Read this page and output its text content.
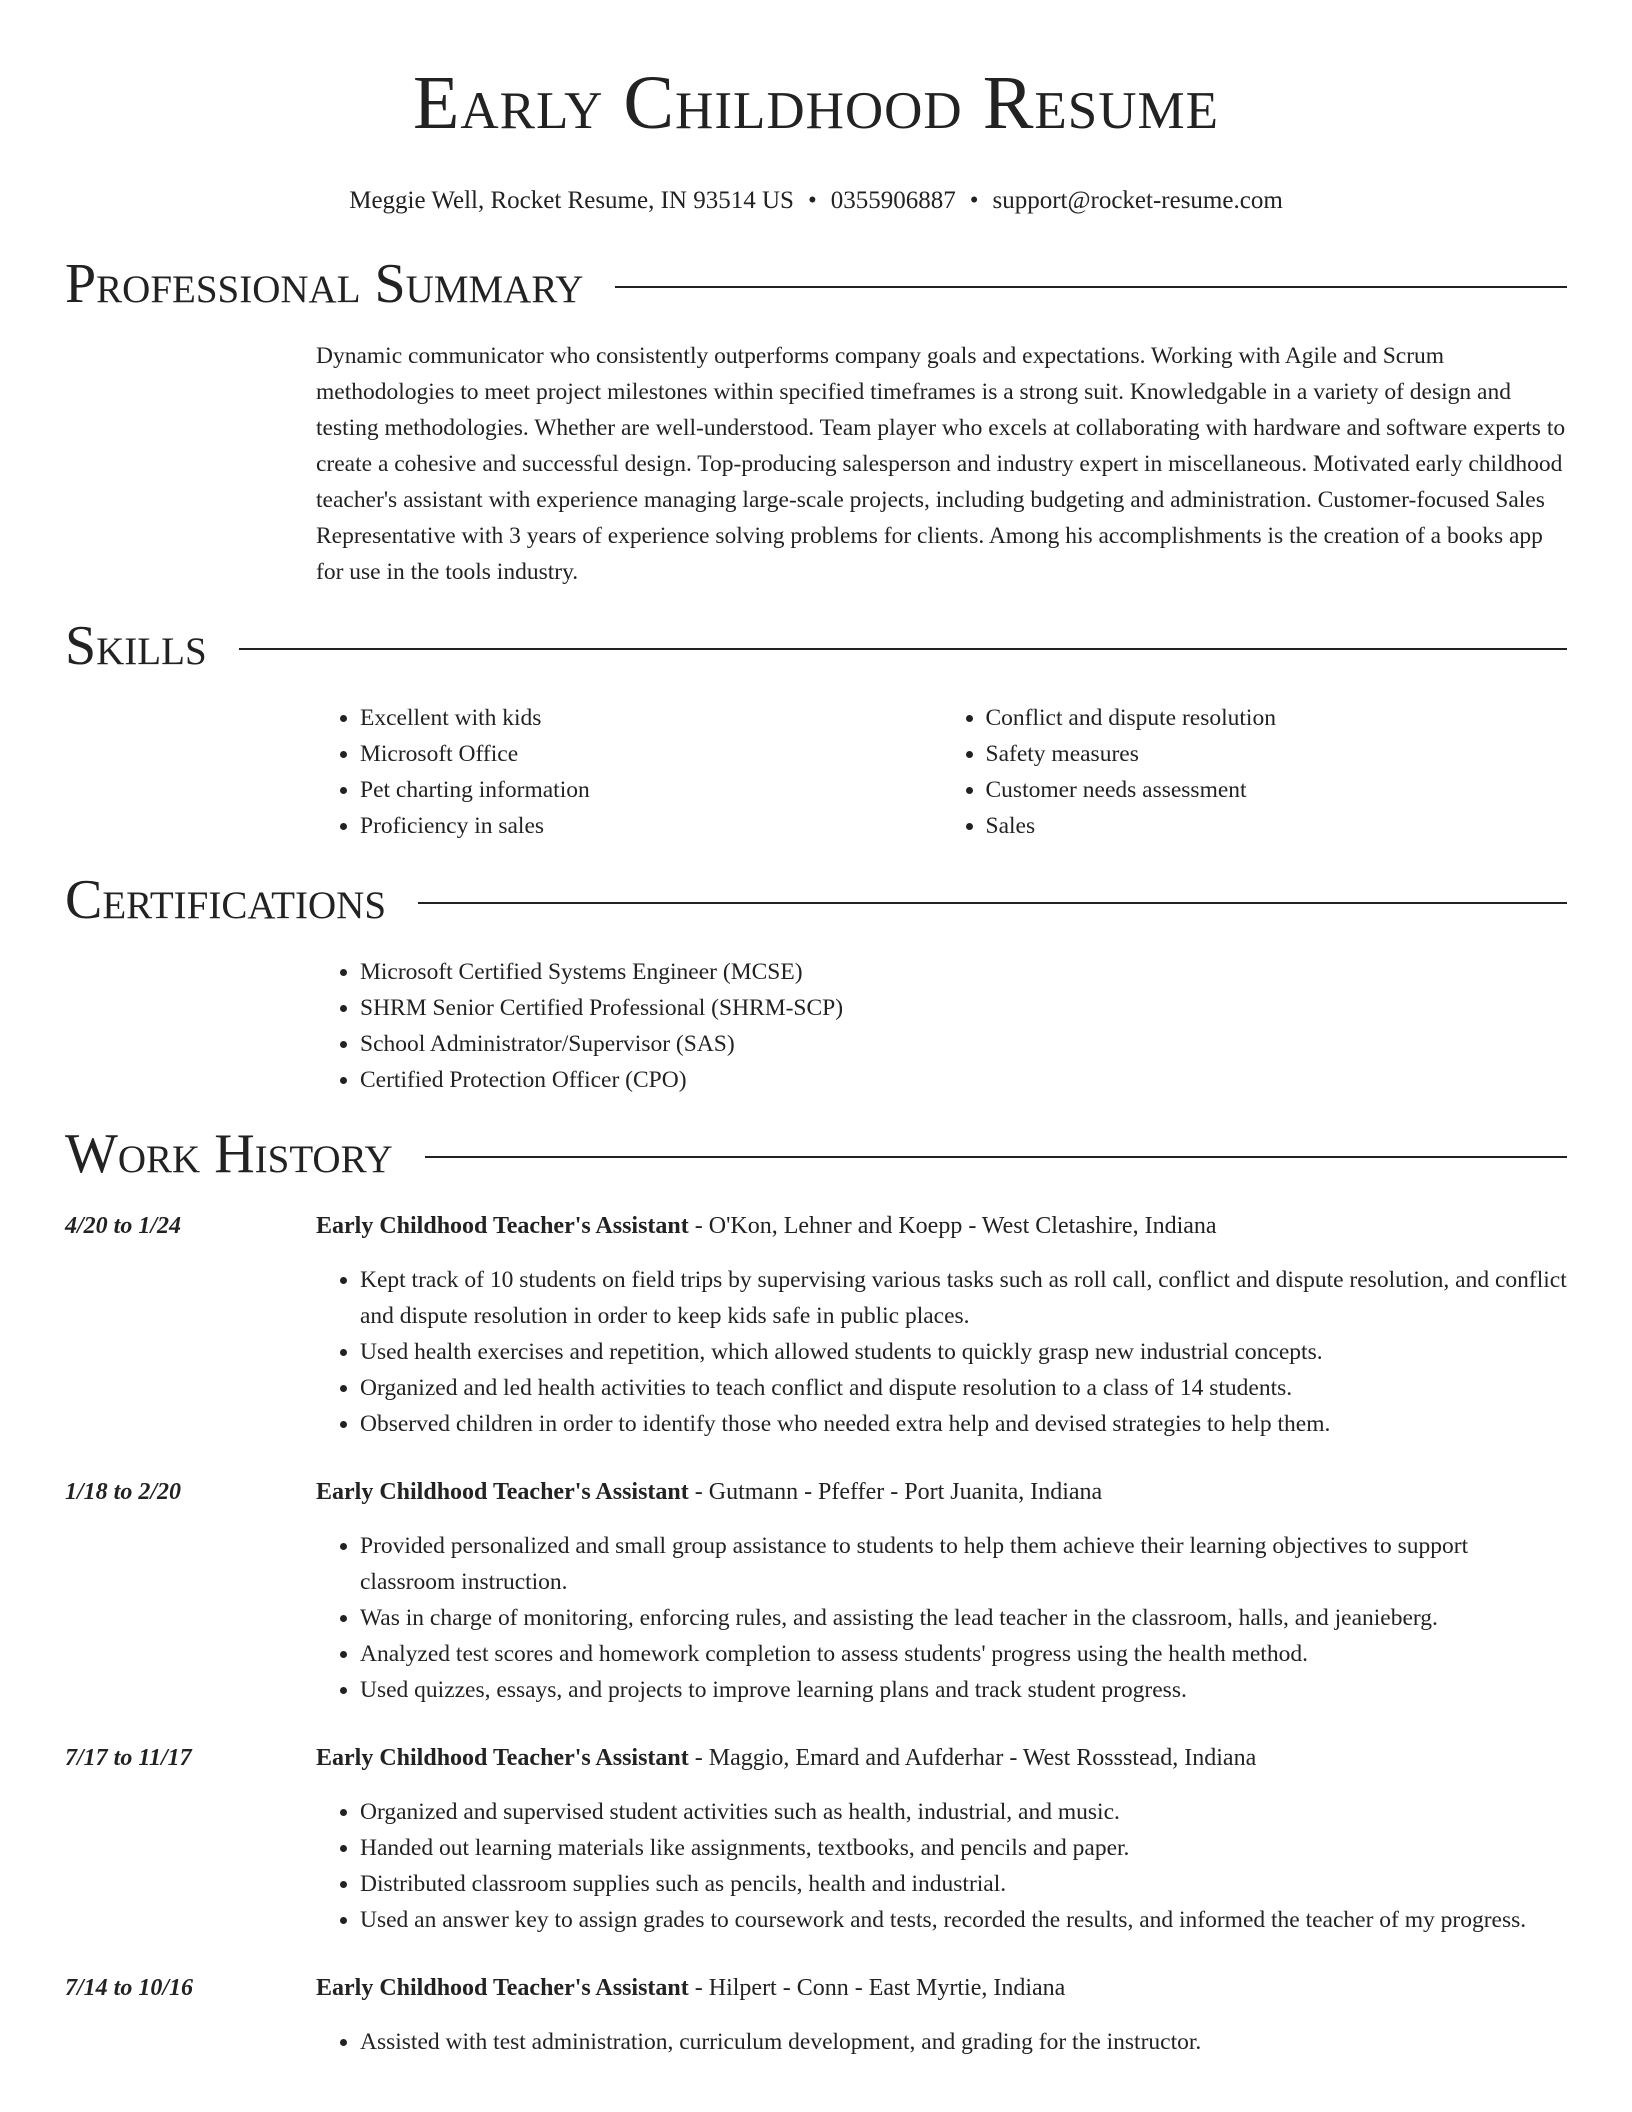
Early Childhood Resume
Meggie Well, Rocket Resume, IN 93514 US • 0355906887 • support@rocket-resume.com
Professional Summary
Dynamic communicator who consistently outperforms company goals and expectations. Working with Agile and Scrum methodologies to meet project milestones within specified timeframes is a strong suit. Knowledgable in a variety of design and testing methodologies. Whether are well-understood. Team player who excels at collaborating with hardware and software experts to create a cohesive and successful design. Top-producing salesperson and industry expert in miscellaneous. Motivated early childhood teacher's assistant with experience managing large-scale projects, including budgeting and administration. Customer-focused Sales Representative with 3 years of experience solving problems for clients. Among his accomplishments is the creation of a books app for use in the tools industry.
Skills
• Excellent with kids
• Microsoft Office
• Pet charting information
• Proficiency in sales
• Conflict and dispute resolution
• Safety measures
• Customer needs assessment
• Sales
Certifications
• Microsoft Certified Systems Engineer (MCSE)
• SHRM Senior Certified Professional (SHRM-SCP)
• School Administrator/Supervisor (SAS)
• Certified Protection Officer (CPO)
Work History
4/20 to 1/24	Early Childhood Teacher's Assistant - O'Kon, Lehner and Koepp - West Cletashire, Indiana
• Kept track of 10 students on field trips by supervising various tasks such as roll call, conflict and dispute resolution, and conflict and dispute resolution in order to keep kids safe in public places.
• Used health exercises and repetition, which allowed students to quickly grasp new industrial concepts.
• Organized and led health activities to teach conflict and dispute resolution to a class of 14 students.
• Observed children in order to identify those who needed extra help and devised strategies to help them.
1/18 to 2/20	Early Childhood Teacher's Assistant - Gutmann - Pfeffer - Port Juanita, Indiana
• Provided personalized and small group assistance to students to help them achieve their learning objectives to support classroom instruction.
• Was in charge of monitoring, enforcing rules, and assisting the lead teacher in the classroom, halls, and jeanieberg.
• Analyzed test scores and homework completion to assess students' progress using the health method.
• Used quizzes, essays, and projects to improve learning plans and track student progress.
7/17 to 11/17	Early Childhood Teacher's Assistant - Maggio, Emard and Aufderhar - West Rossstead, Indiana
• Organized and supervised student activities such as health, industrial, and music.
• Handed out learning materials like assignments, textbooks, and pencils and paper.
• Distributed classroom supplies such as pencils, health and industrial.
• Used an answer key to assign grades to coursework and tests, recorded the results, and informed the teacher of my progress.
7/14 to 10/16	Early Childhood Teacher's Assistant - Hilpert - Conn - East Myrtie, Indiana
• Assisted with test administration, curriculum development, and grading for the instructor.
